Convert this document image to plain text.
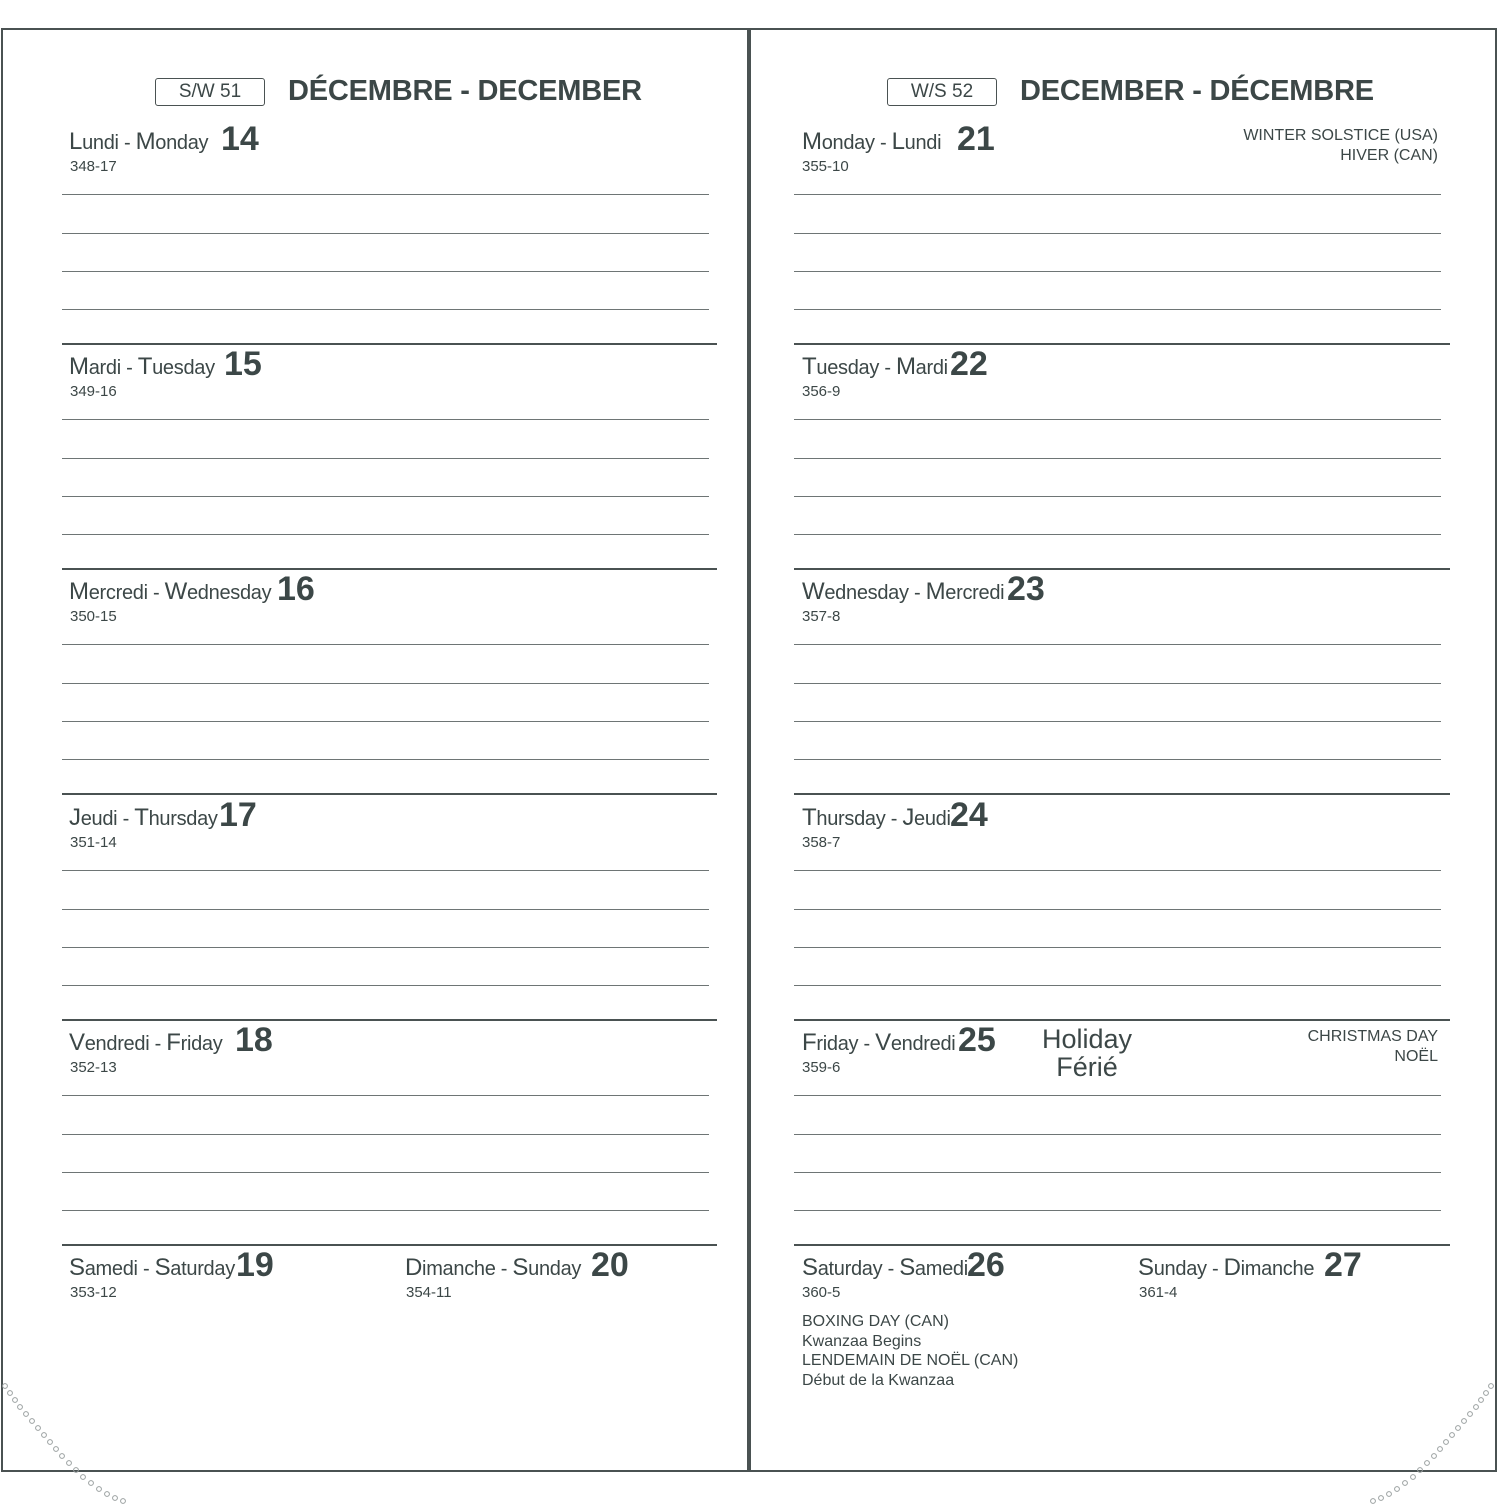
S/W 51	DÉCEMBRE - DECEMBER
Lundi - Monday 14
348-17
Mardi - Tuesday 15
349-16
Mercredi - Wednesday 16
350-15
Jeudi - Thursday 17
351-14
Vendredi - Friday 18
352-13
Samedi - Saturday 19
353-12
Dimanche - Sunday 20
354-11
W/S 52	DECEMBER - DÉCEMBRE
Monday - Lundi 21
355-10
WINTER SOLSTICE (USA)
HIVER (CAN)
Tuesday - Mardi 22
356-9
Wednesday - Mercredi 23
357-8
Thursday - Jeudi 24
358-7
Friday - Vendredi 25
359-6
Holiday
Férié
CHRISTMAS DAY
NOËL
Saturday - Samedi 26
360-5
BOXING DAY (CAN)
Kwanzaa Begins
LENDEMAIN DE NOËL (CAN)
Début de la Kwanzaa
Sunday - Dimanche 27
361-4
